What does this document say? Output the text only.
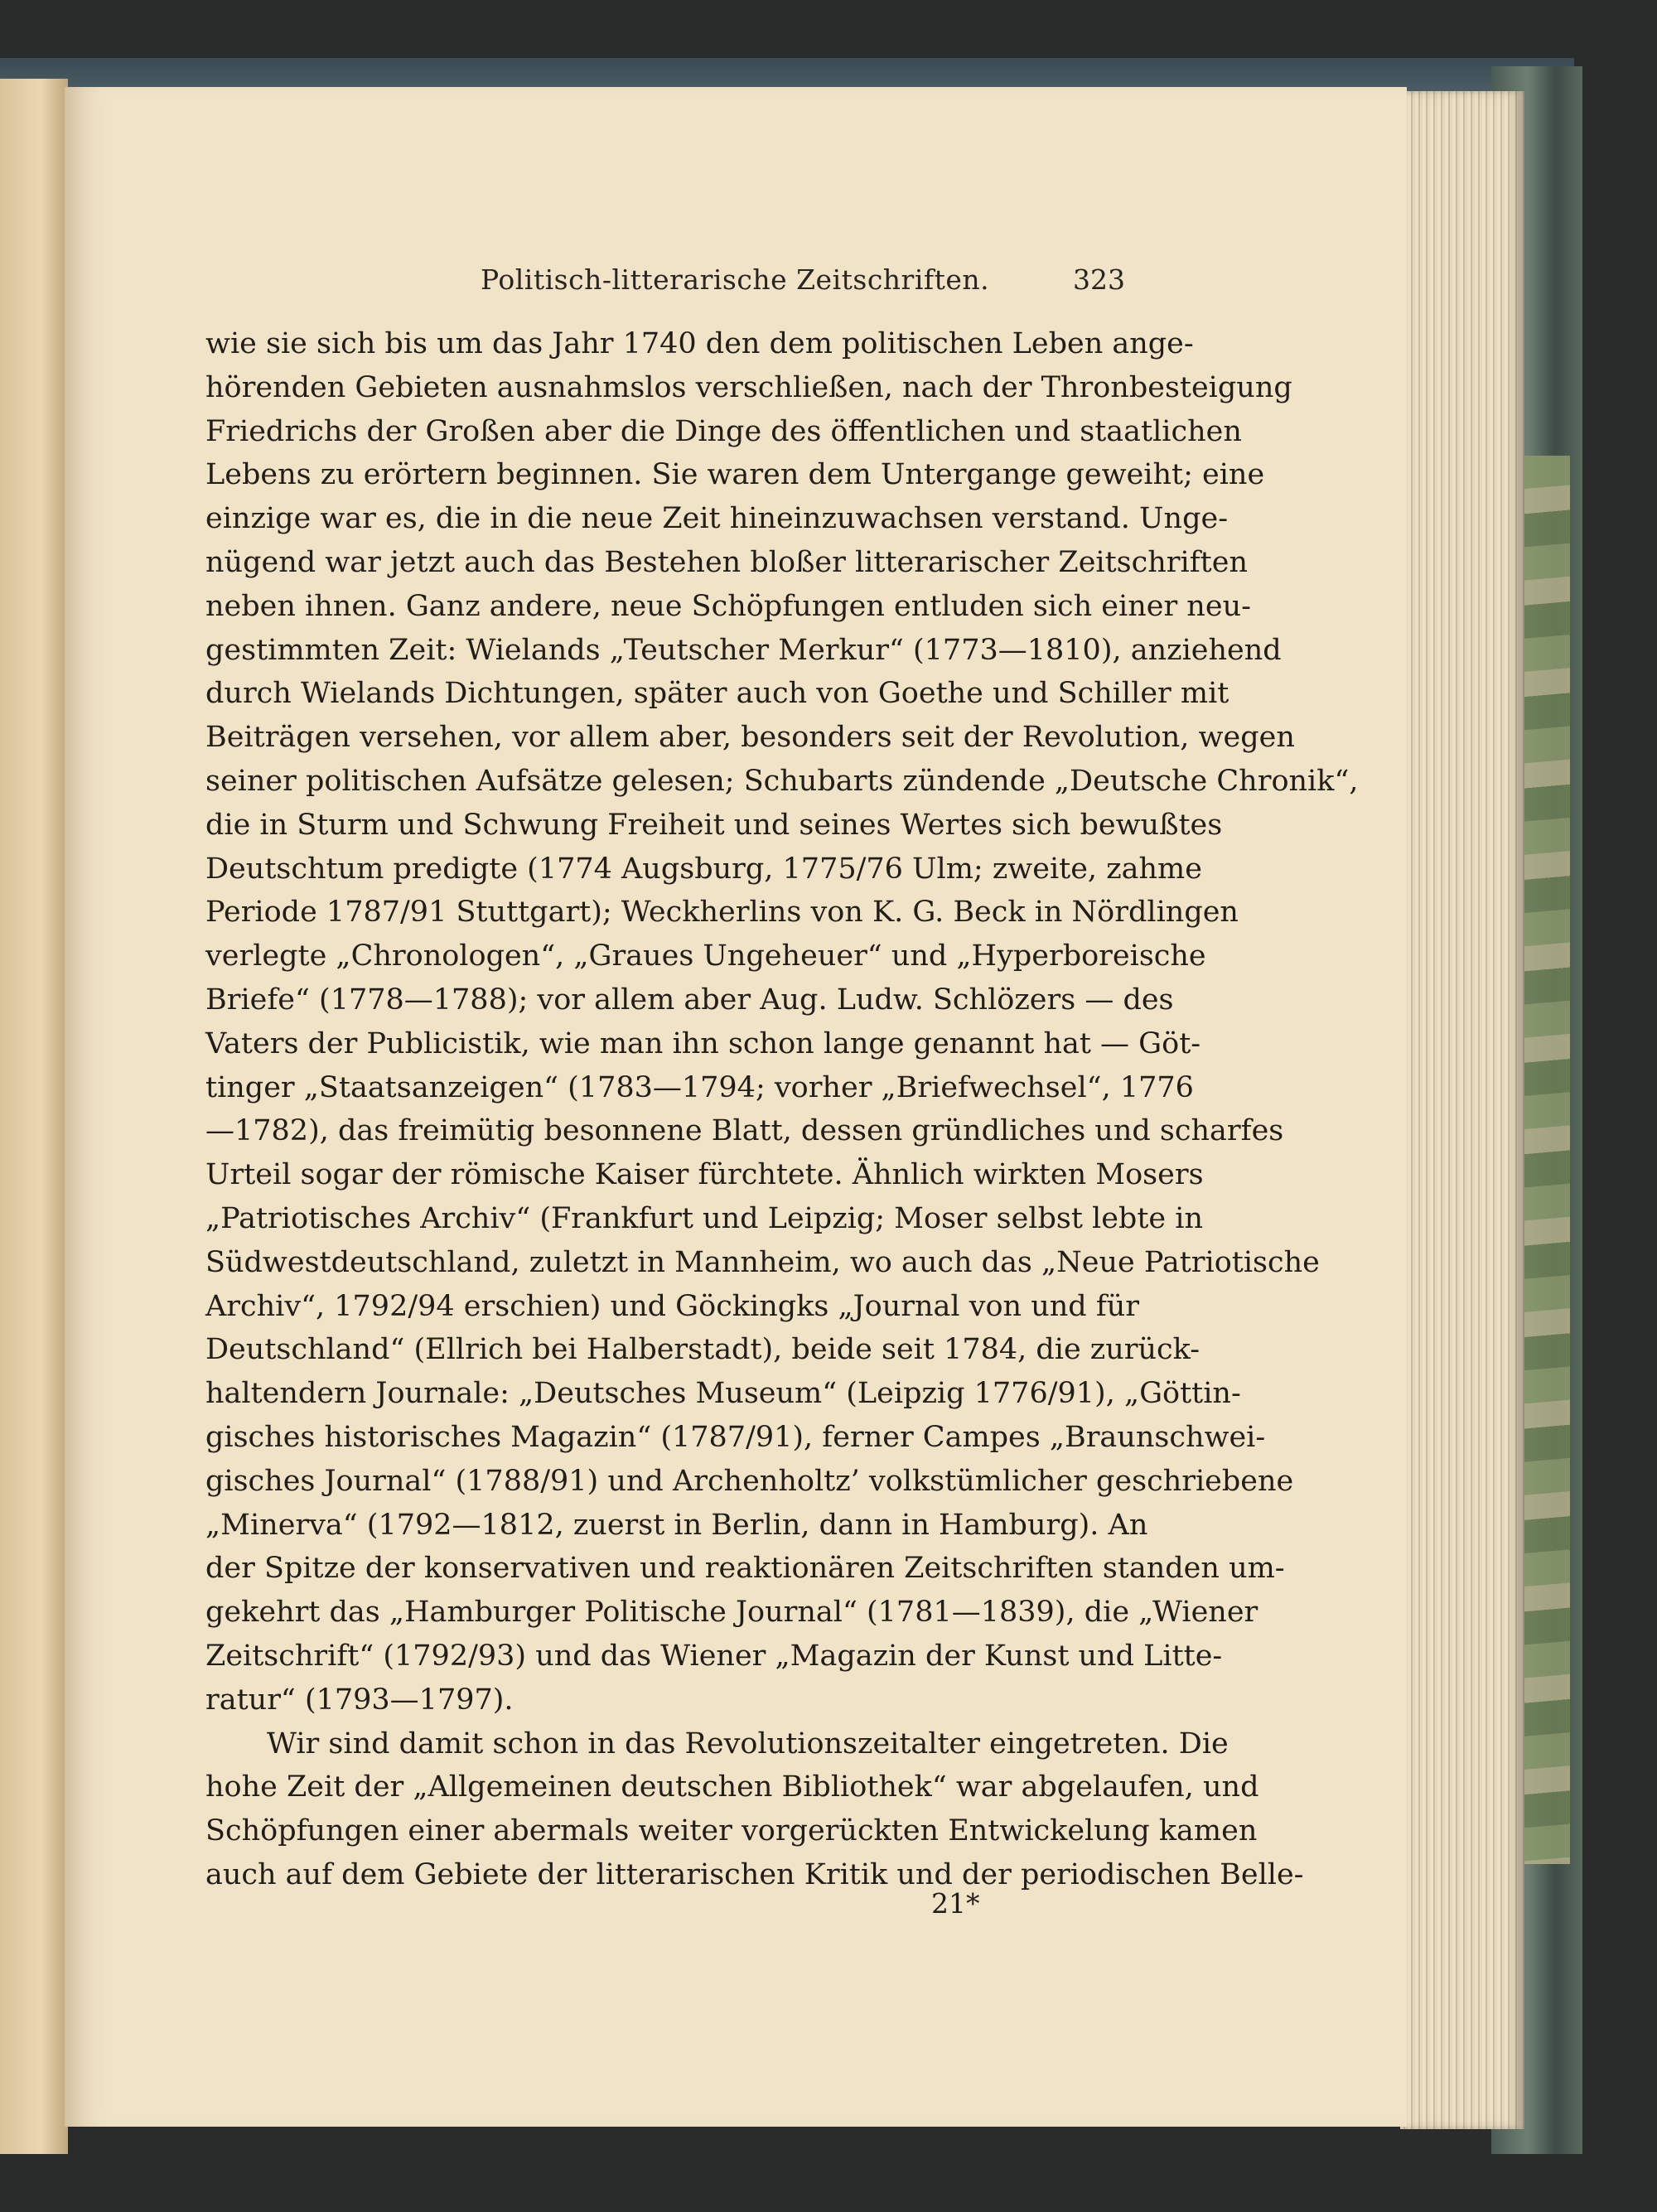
Politisch-litterarische Zeitschriften.	323
wie sie sich bis um das Jahr 1740 den dem politischen Leben ange-
hörenden Gebieten ausnahmslos verschließen, nach der Thronbesteigung
Friedrichs der Großen aber die Dinge des öffentlichen und staatlichen
Lebens zu erörtern beginnen. Sie waren dem Untergange geweiht; eine
einzige war es, die in die neue Zeit hineinzuwachsen verstand. Unge-
nügend war jetzt auch das Bestehen bloßer litterarischer Zeitschriften
neben ihnen. Ganz andere, neue Schöpfungen entluden sich einer neu-
gestimmten Zeit: Wielands „Teutscher Merkur“ (1773—1810), anziehend
durch Wielands Dichtungen, später auch von Goethe und Schiller mit
Beiträgen versehen, vor allem aber, besonders seit der Revolution, wegen
seiner politischen Aufsätze gelesen; Schubarts zündende „Deutsche Chronik“,
die in Sturm und Schwung Freiheit und seines Wertes sich bewußtes
Deutschtum predigte (1774 Augsburg, 1775/76 Ulm; zweite, zahme
Periode 1787/91 Stuttgart); Weckherlins von K. G. Beck in Nördlingen
verlegte „Chronologen“, „Graues Ungeheuer“ und „Hyperboreische
Briefe“ (1778—1788); vor allem aber Aug. Ludw. Schlözers — des
Vaters der Publicistik, wie man ihn schon lange genannt hat — Göt-
tinger „Staatsanzeigen“ (1783—1794; vorher „Briefwechsel“, 1776
—1782), das freimütig besonnene Blatt, dessen gründliches und scharfes
Urteil sogar der römische Kaiser fürchtete. Ähnlich wirkten Mosers
„Patriotisches Archiv“ (Frankfurt und Leipzig; Moser selbst lebte in
Südwestdeutschland, zuletzt in Mannheim, wo auch das „Neue Patriotische
Archiv“, 1792/94 erschien) und Göckingks „Journal von und für
Deutschland“ (Ellrich bei Halberstadt), beide seit 1784, die zurück-
haltendern Journale: „Deutsches Museum“ (Leipzig 1776/91), „Göttin-
gisches historisches Magazin“ (1787/91), ferner Campes „Braunschwei-
gisches Journal“ (1788/91) und Archenholtz’ volkstümlicher geschriebene
„Minerva“ (1792—1812, zuerst in Berlin, dann in Hamburg). An
der Spitze der konservativen und reaktionären Zeitschriften standen um-
gekehrt das „Hamburger Politische Journal“ (1781—1839), die „Wiener
Zeitschrift“ (1792/93) und das Wiener „Magazin der Kunst und Litte-
ratur“ (1793—1797).
Wir sind damit schon in das Revolutionszeitalter eingetreten. Die
hohe Zeit der „Allgemeinen deutschen Bibliothek“ war abgelaufen, und
Schöpfungen einer abermals weiter vorgerückten Entwickelung kamen
auch auf dem Gebiete der litterarischen Kritik und der periodischen Belle-
21*
